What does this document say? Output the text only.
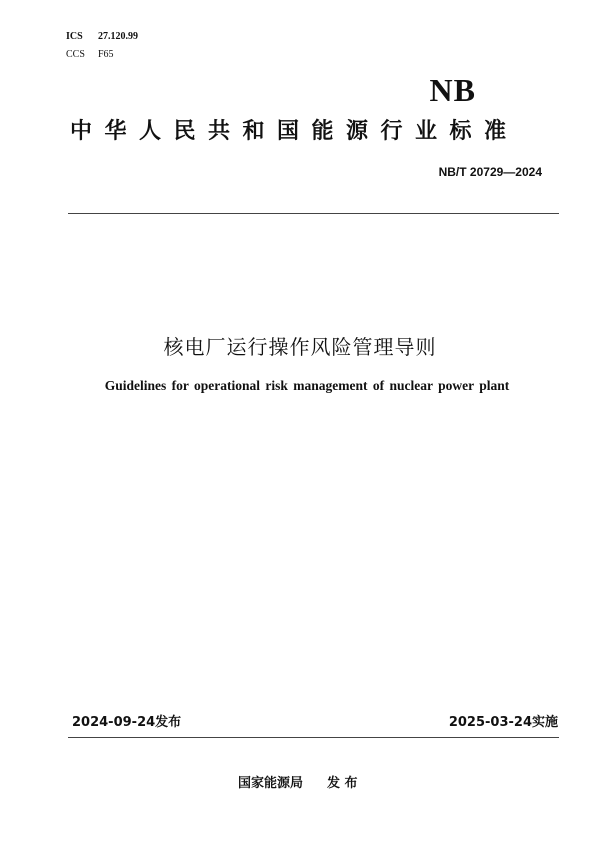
ICS	27.120.99
CCS	F65
NB
中华人民共和国能源行业标准
NB/T 20729—2024
核电厂运行操作风险管理导则
Guidelines for operational risk management of nuclear power plant
2024-09-24发布	2025-03-24实施
国家能源局 发 布
